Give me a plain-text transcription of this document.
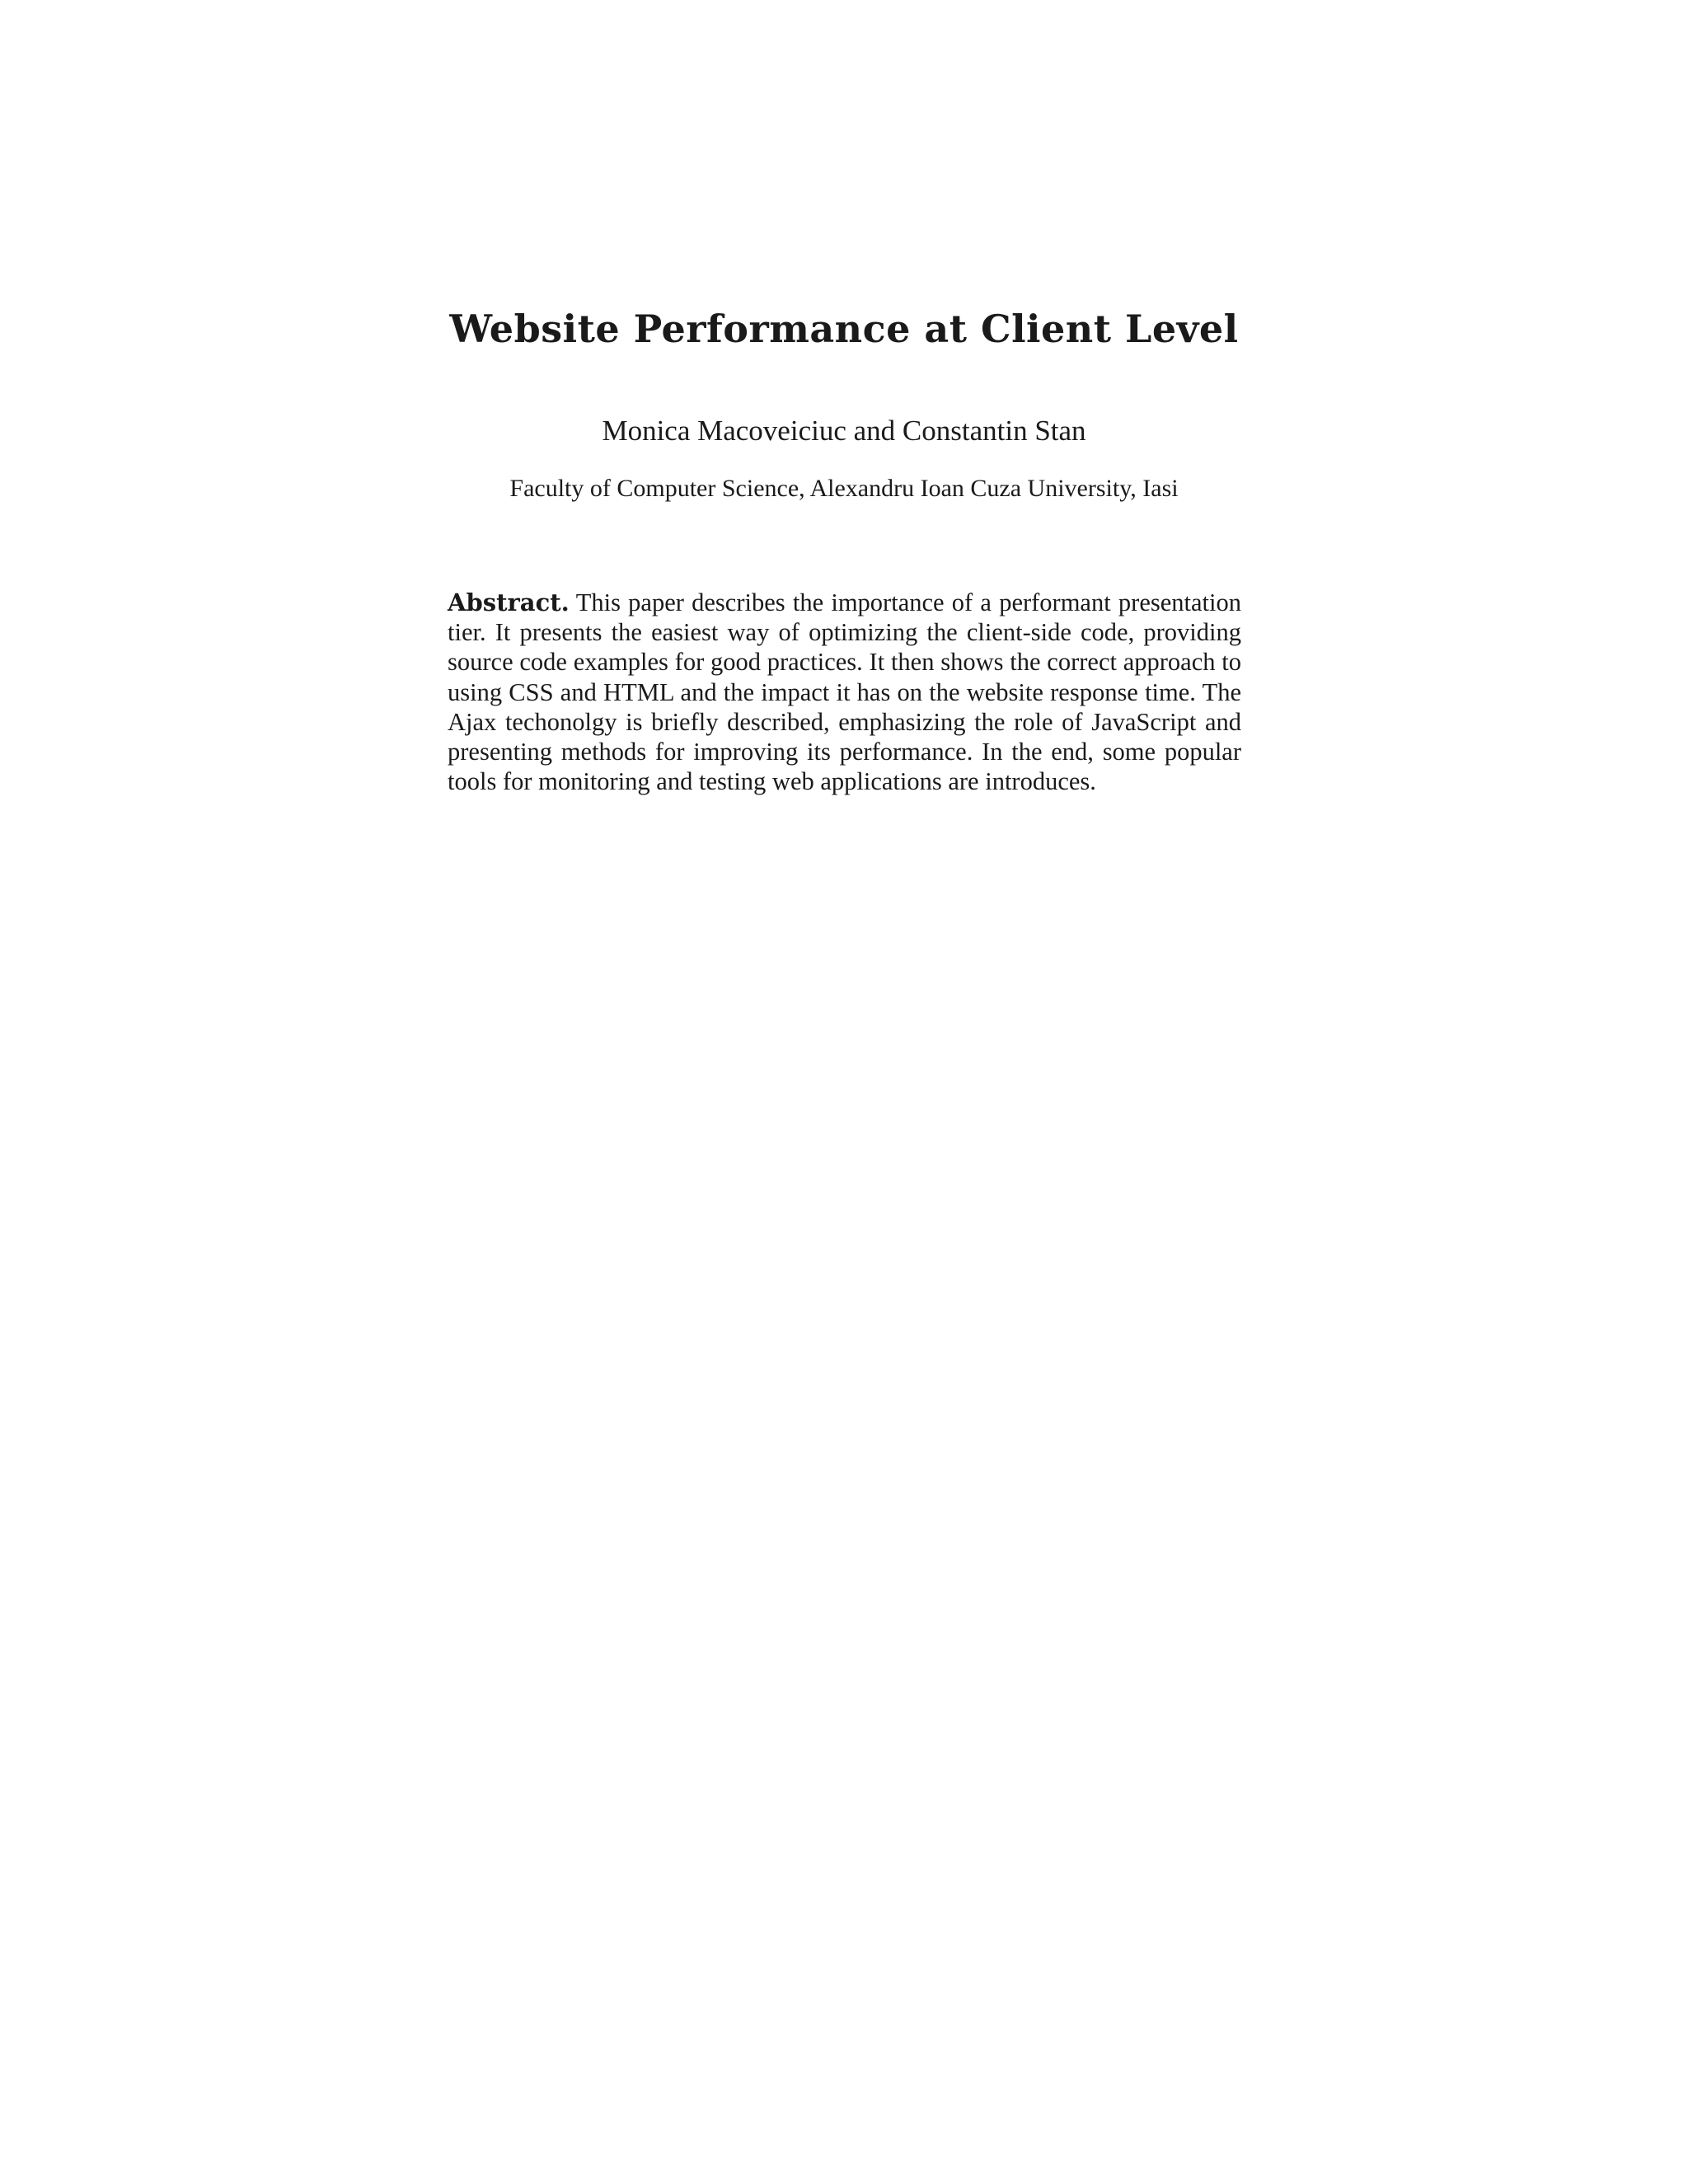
Website Performance at Client Level

Monica Macoveiciuc and Constantin Stan

Faculty of Computer Science, Alexandru Ioan Cuza University, Iasi

Abstract. This paper describes the importance of a performant presentation tier. It presents the easiest way of optimizing the client-side code, providing source code examples for good practices. It then shows the correct approach to using CSS and HTML and the impact it has on the website response time. The Ajax techonolgy is briefly described, emphasizing the role of JavaScript and presenting methods for improving its performance. In the end, some popular tools for monitoring and testing web applications are introduces.
